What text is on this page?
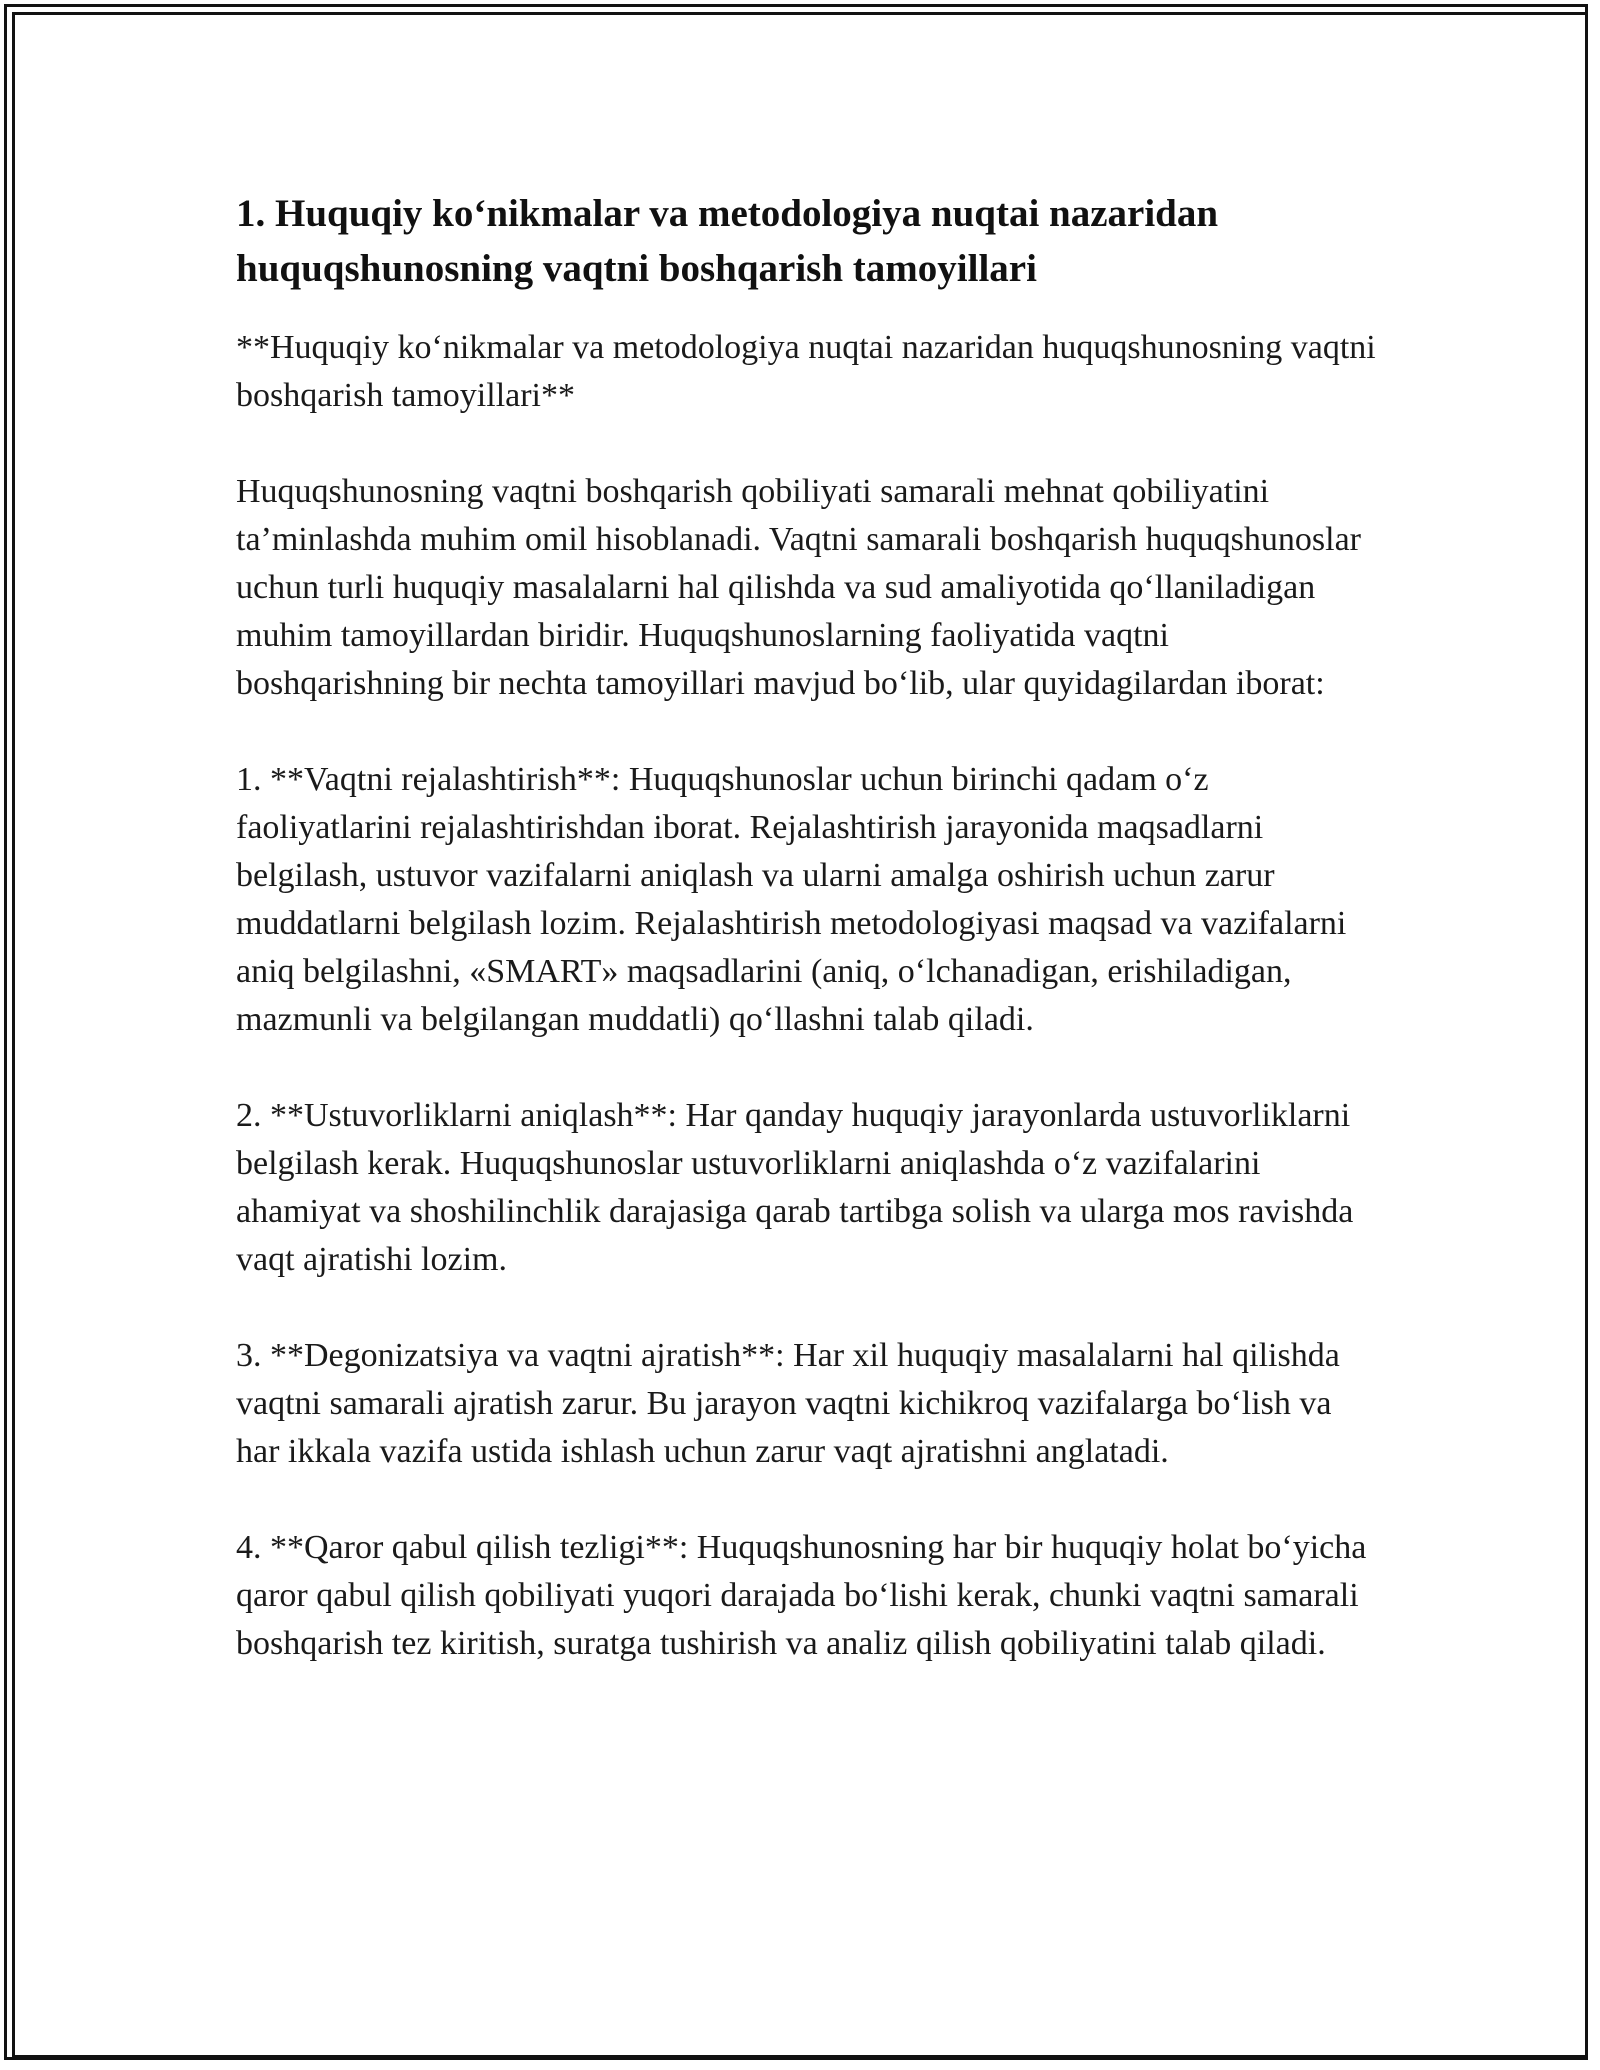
1. Huquqiy ko‘nikmalar va metodologiya nuqtai nazaridan huquqshunosning vaqtni boshqarish tamoyillari

**Huquqiy ko‘nikmalar va metodologiya nuqtai nazaridan huquqshunosning vaqtni boshqarish tamoyillari**

Huquqshunosning vaqtni boshqarish qobiliyati samarali mehnat qobiliyatini ta’minlashda muhim omil hisoblanadi. Vaqtni samarali boshqarish huquqshunoslar uchun turli huquqiy masalalarni hal qilishda va sud amaliyotida qo‘llaniladigan muhim tamoyillardan biridir. Huquqshunoslarning faoliyatida vaqtni boshqarishning bir nechta tamoyillari mavjud bo‘lib, ular quyidagilardan iborat:

1. **Vaqtni rejalashtirish**: Huquqshunoslar uchun birinchi qadam o‘z faoliyatlarini rejalashtirishdan iborat. Rejalashtirish jarayonida maqsadlarni belgilash, ustuvor vazifalarni aniqlash va ularni amalga oshirish uchun zarur muddatlarni belgilash lozim. Rejalashtirish metodologiyasi maqsad va vazifalarni aniq belgilashni, «SMART» maqsadlarini (aniq, o‘lchanadigan, erishiladigan, mazmunli va belgilangan muddatli) qo‘llashni talab qiladi.

2. **Ustuvorliklarni aniqlash**: Har qanday huquqiy jarayonlarda ustuvorliklarni belgilash kerak. Huquqshunoslar ustuvorliklarni aniqlashda o‘z vazifalarini ahamiyat va shoshilinchlik darajasiga qarab tartibga solish va ularga mos ravishda vaqt ajratishi lozim.

3. **Degonizatsiya va vaqtni ajratish**: Har xil huquqiy masalalarni hal qilishda vaqtni samarali ajratish zarur. Bu jarayon vaqtni kichikroq vazifalarga bo‘lish va har ikkala vazifa ustida ishlash uchun zarur vaqt ajratishni anglatadi.

4. **Qaror qabul qilish tezligi**: Huquqshunosning har bir huquqiy holat bo‘yicha qaror qabul qilish qobiliyati yuqori darajada bo‘lishi kerak, chunki vaqtni samarali boshqarish tez kiritish, suratga tushirish va analiz qilish qobiliyatini talab qiladi.
